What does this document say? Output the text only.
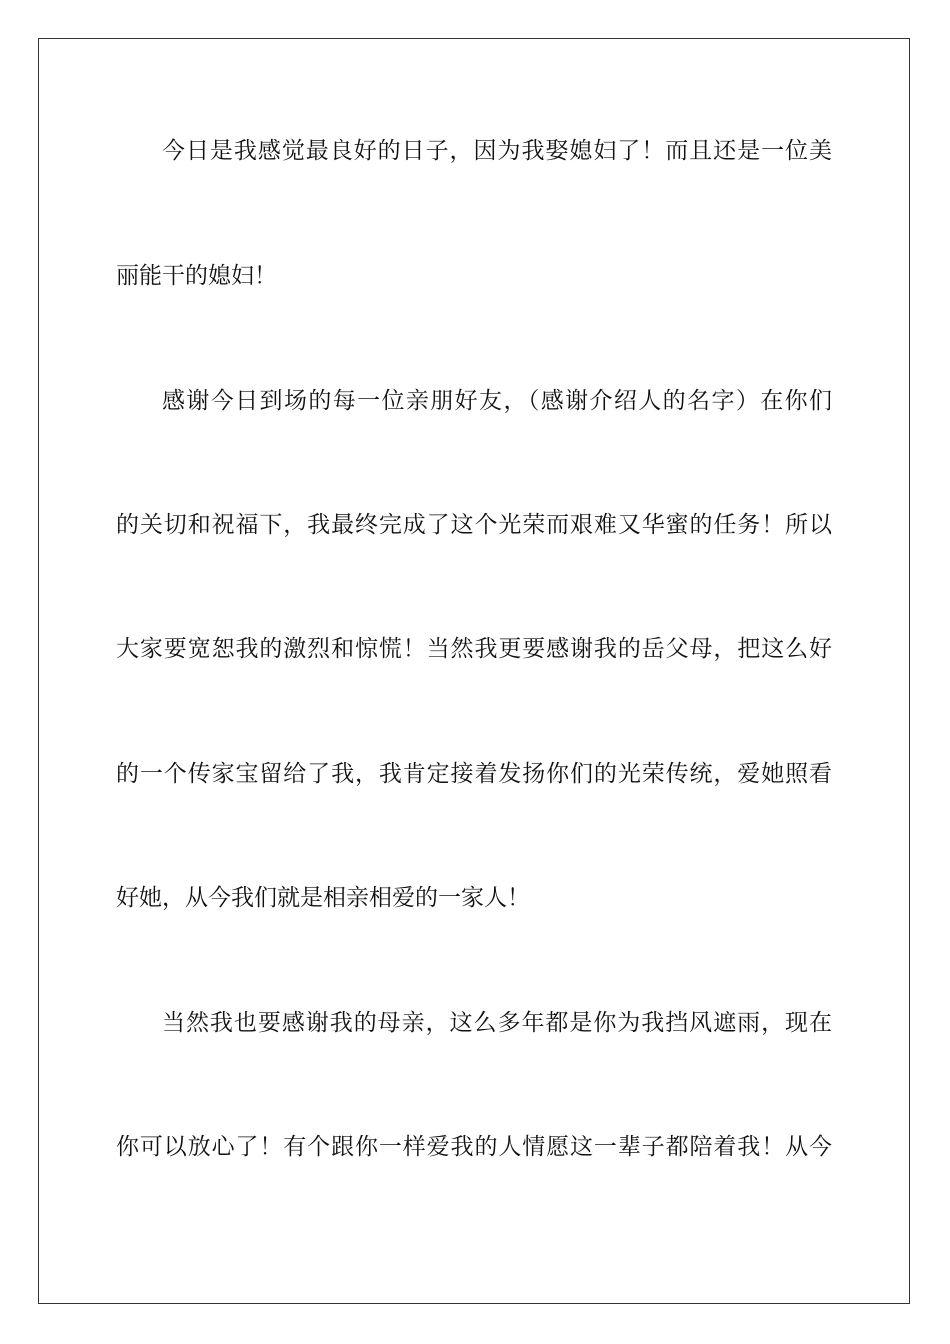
今日是我感觉最良好的日子，因为我娶媳妇了！而且还是一位美
丽能干的媳妇！
感谢今日到场的每一位亲朋好友，（感谢介绍人的名字）在你们
的关切和祝福下，我最终完成了这个光荣而艰难又华蜜的任务！所以
大家要宽恕我的激烈和惊慌！当然我更要感谢我的岳父母，把这么好
的一个传家宝留给了我，我肯定接着发扬你们的光荣传统，爱她照看
好她，从今我们就是相亲相爱的一家人！
当然我也要感谢我的母亲，这么多年都是你为我挡风遮雨，现在
你可以放心了！有个跟你一样爱我的人情愿这一辈子都陪着我！从今
